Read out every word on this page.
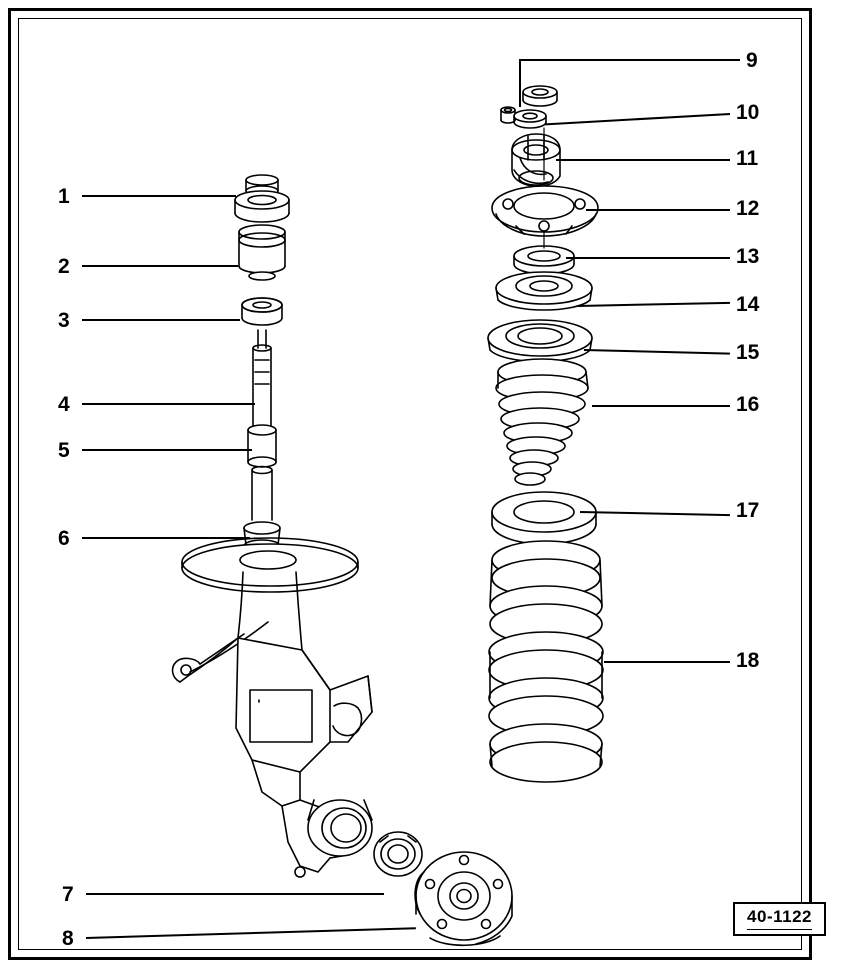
1
2
3
4
5
6
7
8
9
10
11
12
13
14
15
16
17
18
40-1122
